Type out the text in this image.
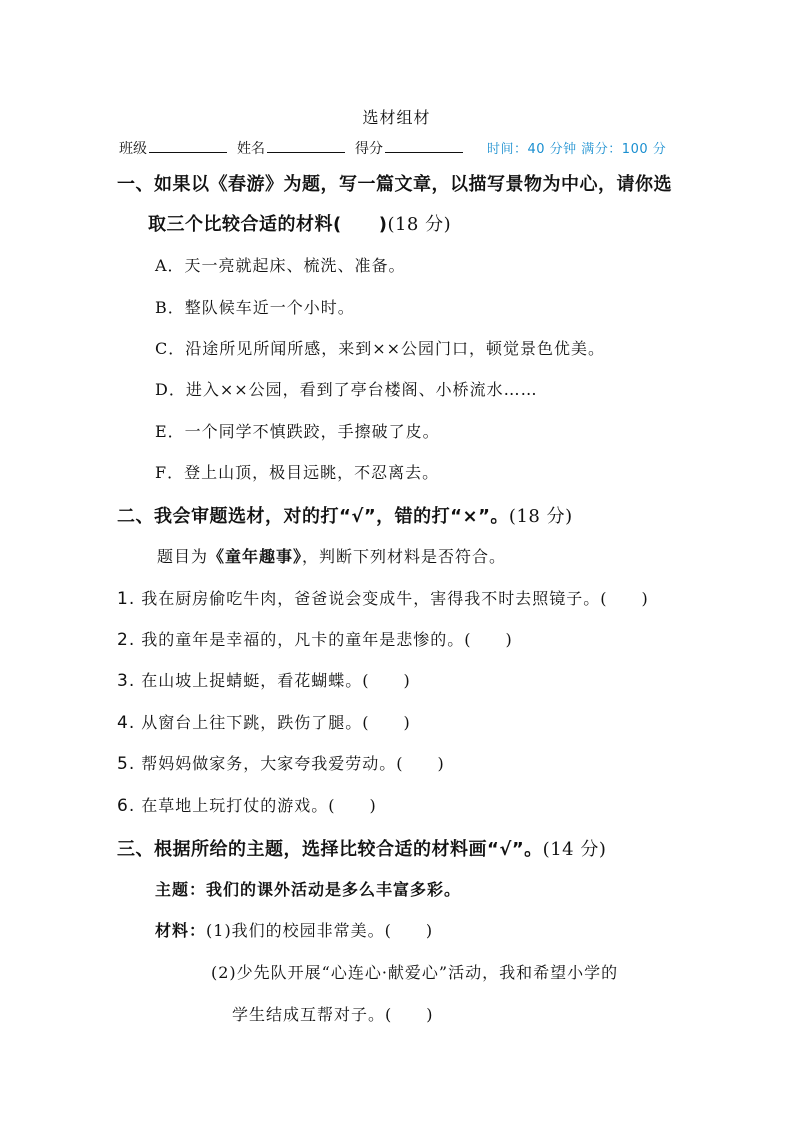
选材组材
班级	姓名	得分	时间：40 分钟 满分：100 分
一、如果以《春游》为题，写一篇文章，以描写景物为中心，请你选
取三个比较合适的材料(　　)(18 分)
A．天一亮就起床、梳洗、准备。
B．整队候车近一个小时。
C．沿途所见所闻所感，来到××公园门口，顿觉景色优美。
D．进入××公园，看到了亭台楼阁、小桥流水……
E．一个同学不慎跌跤，手擦破了皮。
F．登上山顶，极目远眺，不忍离去。
二、我会审题选材，对的打“√”，错的打“×”。(18 分)
题目为《童年趣事》，判断下列材料是否符合。
1. 我在厨房偷吃牛肉，爸爸说会变成牛，害得我不时去照镜子。(　　)
2. 我的童年是幸福的，凡卡的童年是悲惨的。(　　)
3. 在山坡上捉蜻蜓，看花蝴蝶。(　　)
4. 从窗台上往下跳，跌伤了腿。(　　)
5. 帮妈妈做家务，大家夸我爱劳动。(　　)
6. 在草地上玩打仗的游戏。(　　)
三、根据所给的主题，选择比较合适的材料画“√”。(14 分)
主题：我们的课外活动是多么丰富多彩。
材料：(1)我们的校园非常美。(　　)
(2)少先队开展“心连心·献爱心”活动，我和希望小学的
学生结成互帮对子。(　　)
